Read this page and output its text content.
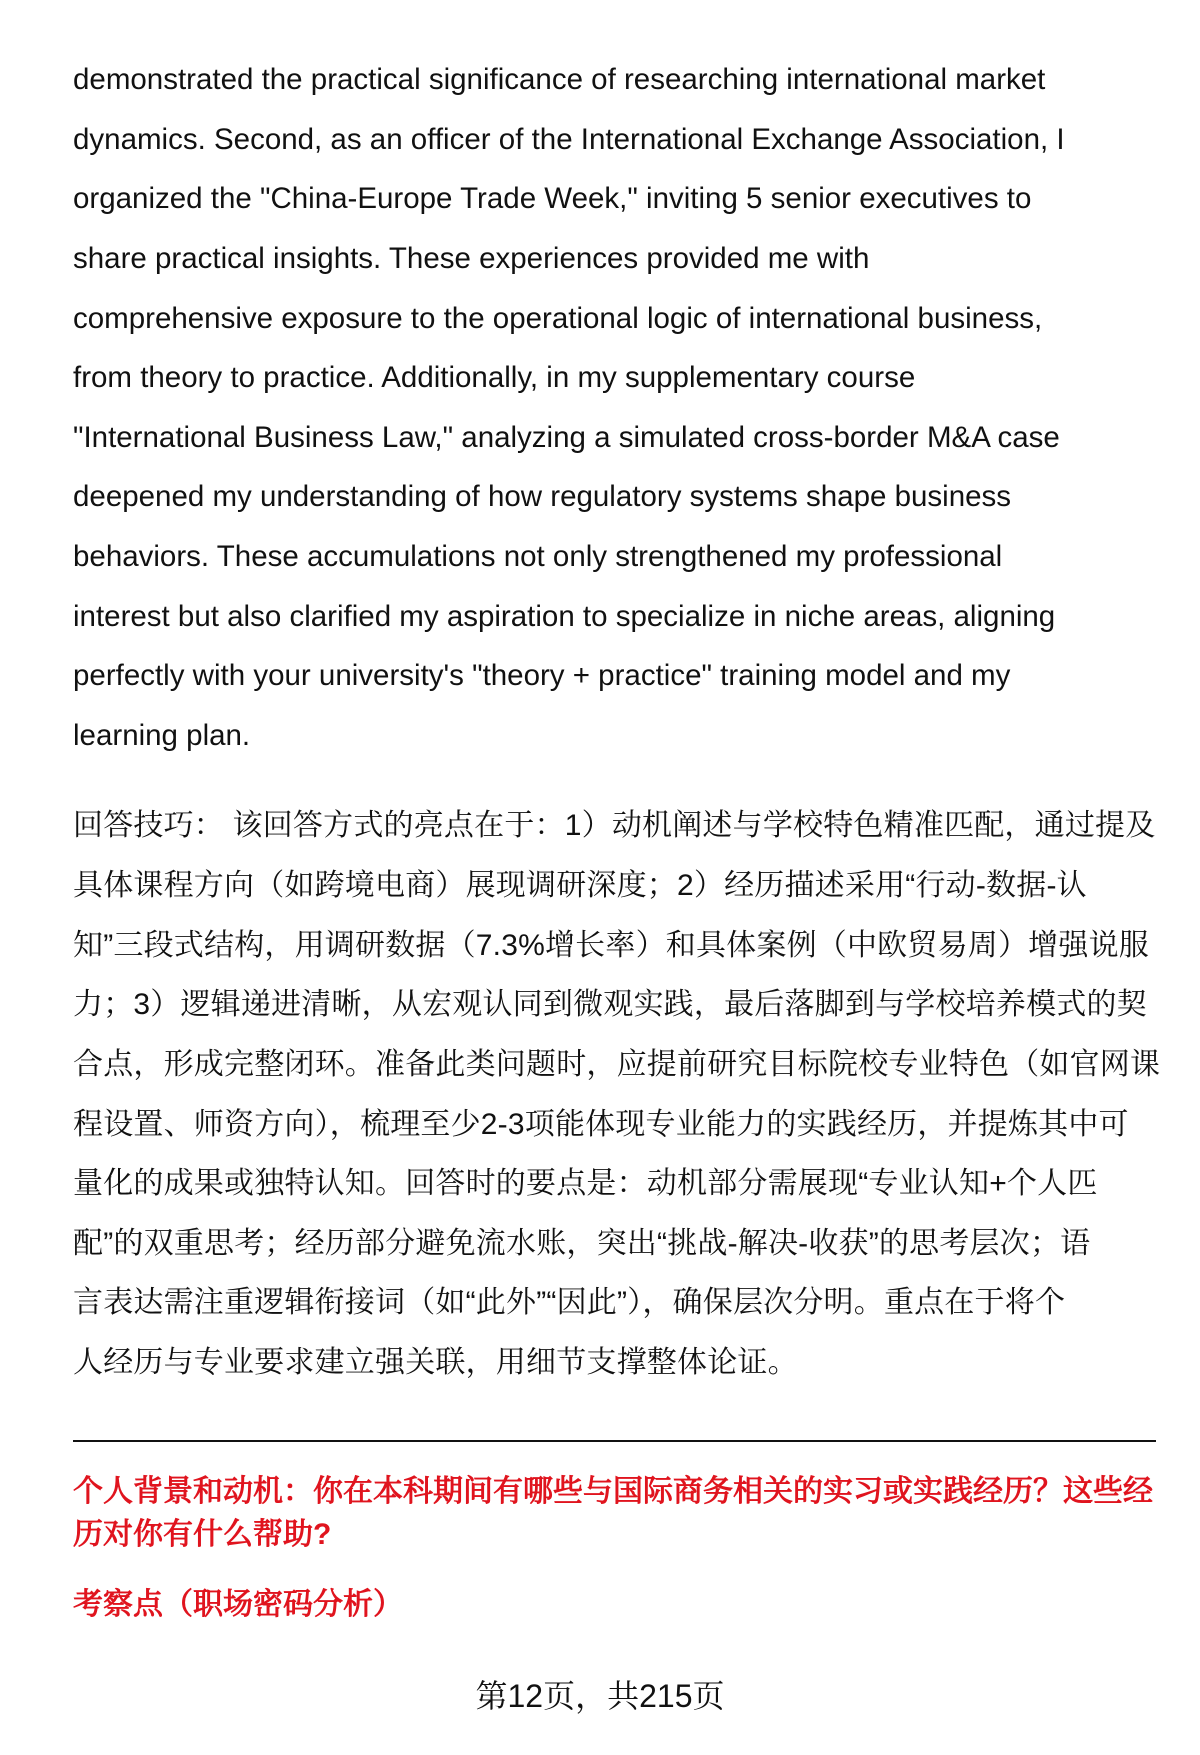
demonstrated the practical significance of researching international market
dynamics. Second, as an officer of the International Exchange Association, I
organized the "China-Europe Trade Week," inviting 5 senior executives to
share practical insights. These experiences provided me with
comprehensive exposure to the operational logic of international business,
from theory to practice. Additionally, in my supplementary course
"International Business Law," analyzing a simulated cross-border M&A case
deepened my understanding of how regulatory systems shape business
behaviors. These accumulations not only strengthened my professional
interest but also clarified my aspiration to specialize in niche areas, aligning
perfectly with your university's "theory + practice" training model and my
learning plan.
回答技巧： 该回答方式的亮点在于：1）动机阐述与学校特色精准匹配，通过提及
具体课程方向（如跨境电商）展现调研深度；2）经历描述采用“行动-数据-认
知”三段式结构，用调研数据（7.3%增长率）和具体案例（中欧贸易周）增强说服
力；3）逻辑递进清晰，从宏观认同到微观实践，最后落脚到与学校培养模式的契
合点，形成完整闭环。准备此类问题时，应提前研究目标院校专业特色（如官网课
程设置、师资方向），梳理至少2-3项能体现专业能力的实践经历，并提炼其中可
量化的成果或独特认知。回答时的要点是：动机部分需展现“专业认知+个人匹
配”的双重思考；经历部分避免流水账，突出“挑战-解决-收获”的思考层次；语
言表达需注重逻辑衔接词（如“此外”“因此”），确保层次分明。重点在于将个
人经历与专业要求建立强关联，用细节支撑整体论证。
个人背景和动机：你在本科期间有哪些与国际商务相关的实习或实践经历？这些经
历对你有什么帮助?
考察点（职场密码分析）
第12页，共215页
